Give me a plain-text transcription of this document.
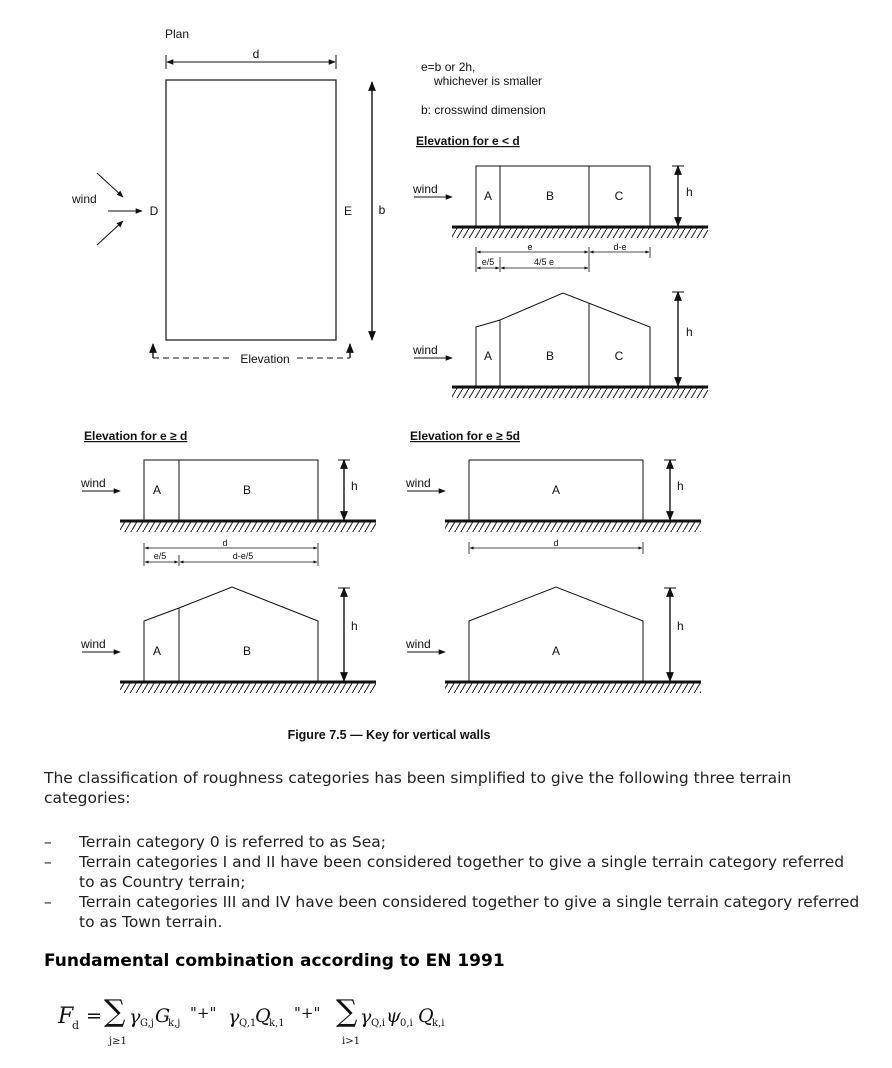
Plan
d
b
D	E
wind
Elevation
e=b or 2h,
whichever is smaller
b: crosswind dimension
Elevation for e < d
A	B	C
wind	h
e	d-e
e/5	4/5 e
A	B	C
wind
h
Elevation for e ≥ d
A	B
wind	h
d
e/5	d-e/5
A	B
wind
h
Elevation for e ≥ 5d
A
wind	h
d
A
wind
h
Figure 7.5 — Key for vertical walls

The classification of roughness categories has been simplified to give the following three terrain categories:

– Terrain category 0 is referred to as Sea;
– Terrain categories I and II have been considered together to give a single terrain category referred to as Country terrain;
– Terrain categories III and IV have been considered together to give a single terrain category referred to as Town terrain.
Fundamental combination according to EN 1991
F
d = ∑
j≥1
γ G,j G
k,j
"+" γ Q,1
Q
k,1
"+" ∑
i>1
γ Q,i ψ 0,i Q
k,i
